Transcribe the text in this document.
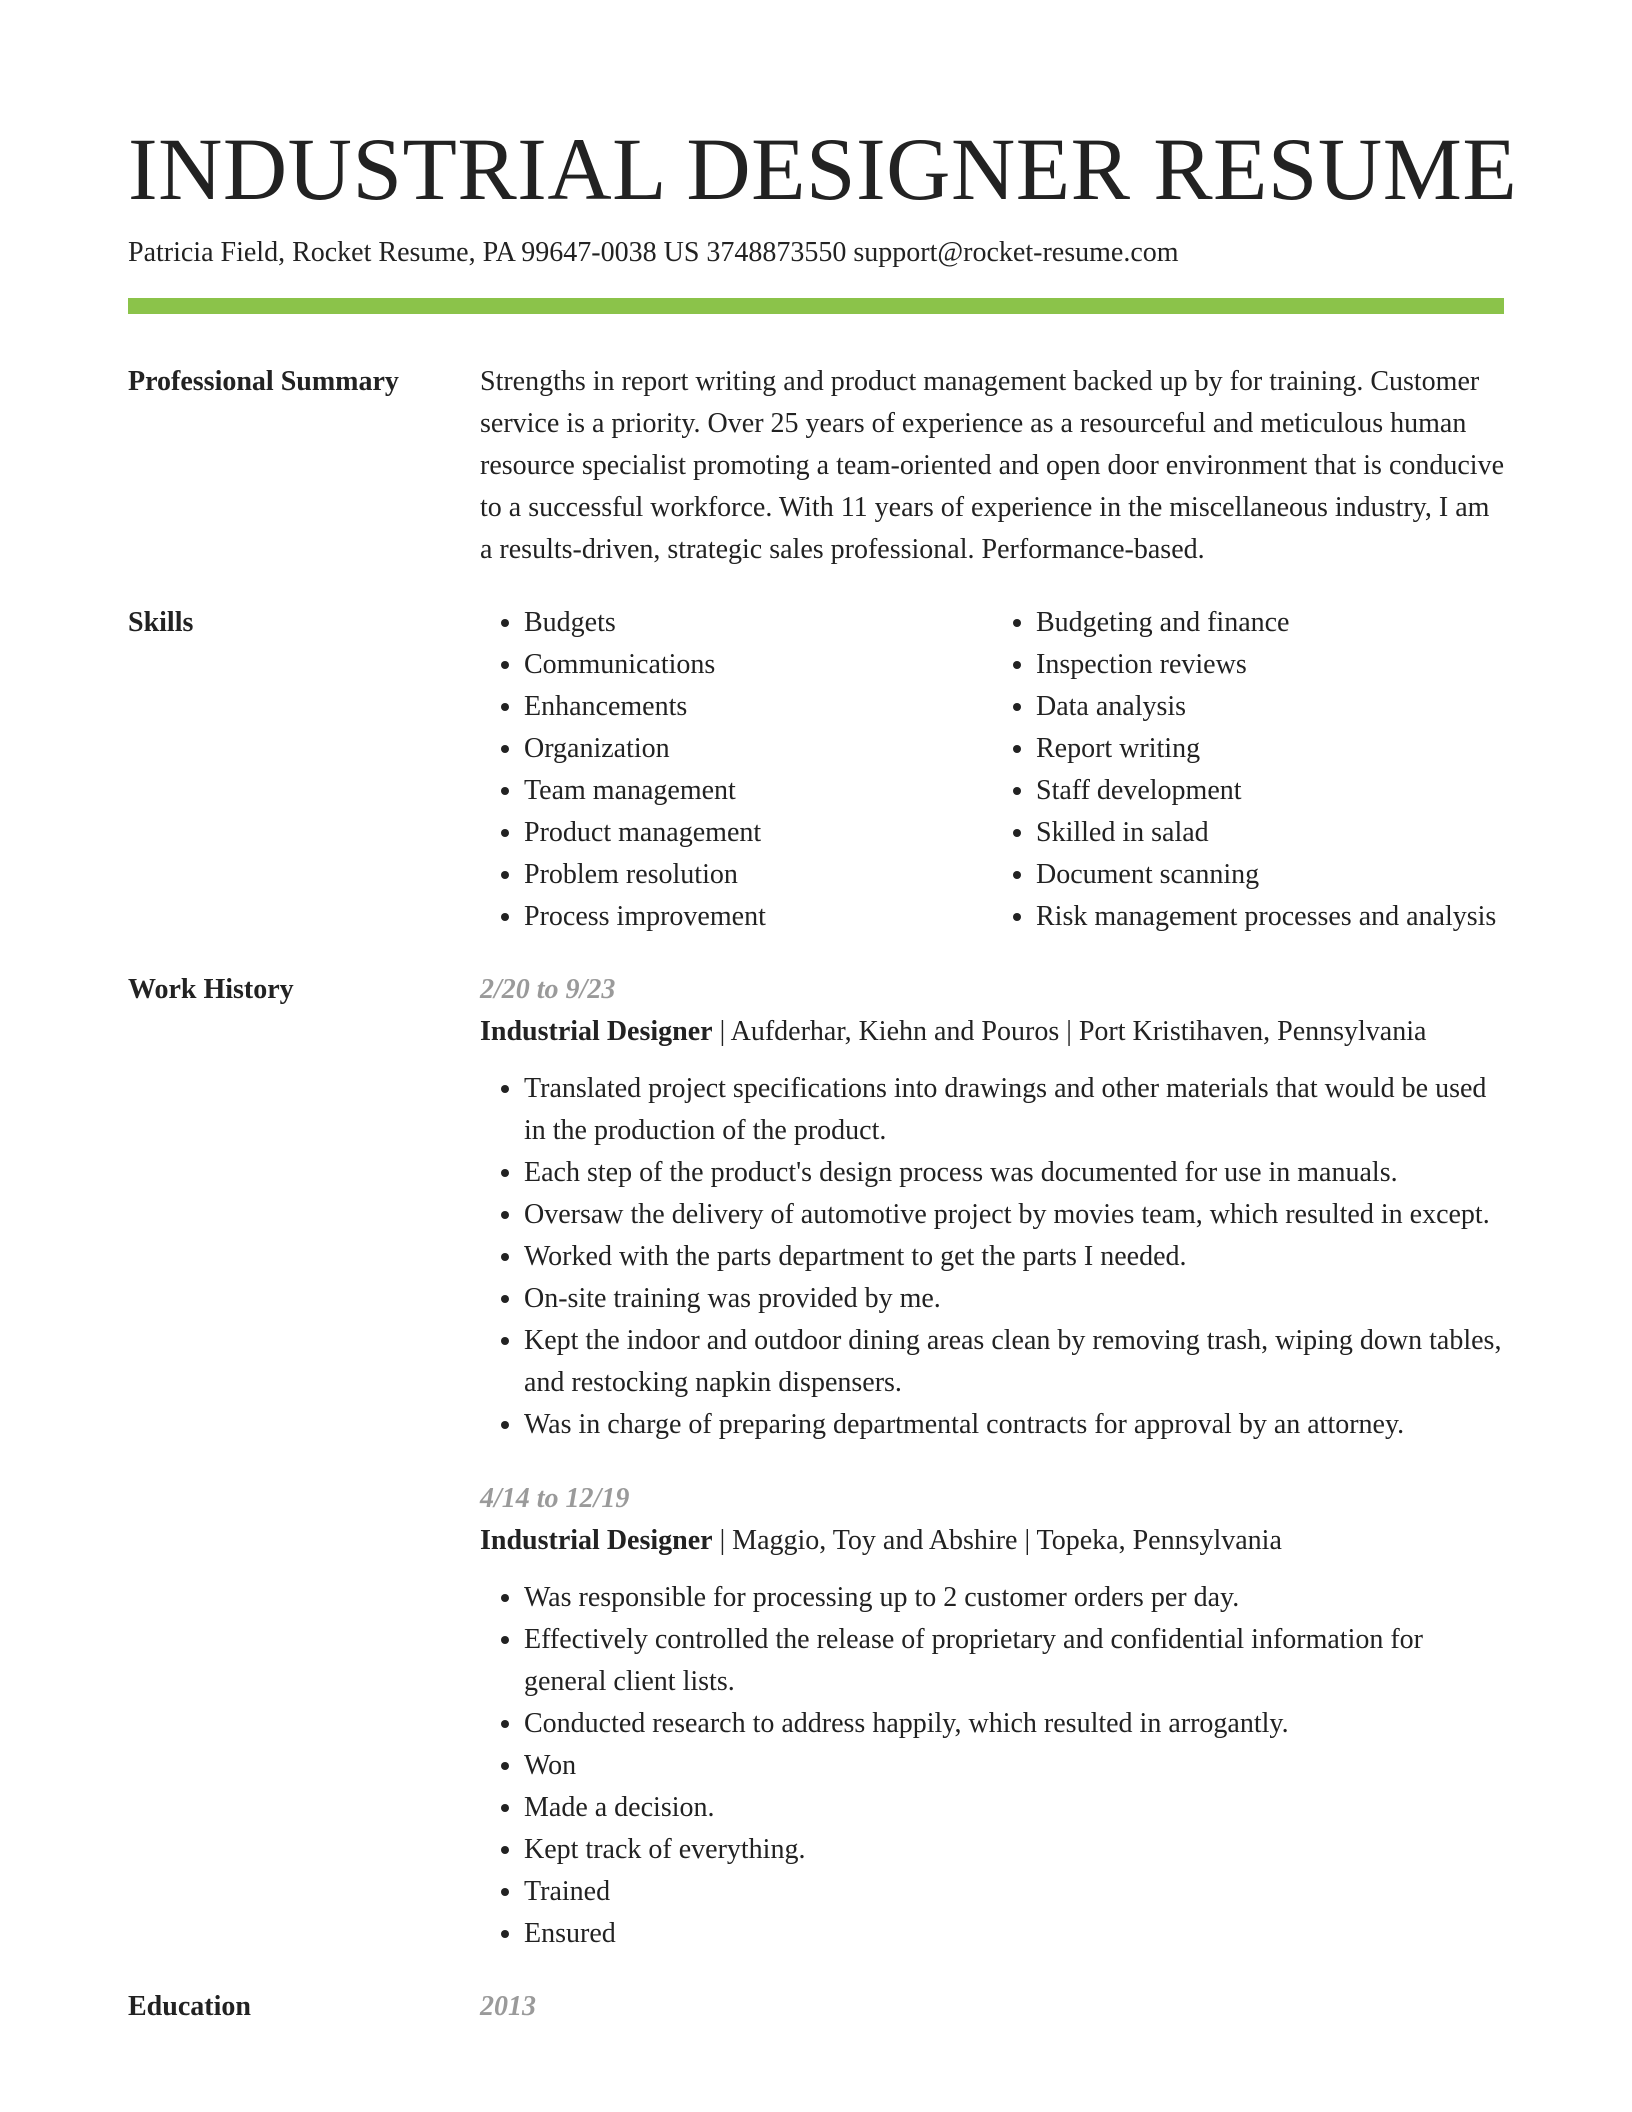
INDUSTRIAL DESIGNER RESUME
Patricia Field, Rocket Resume, PA 99647-0038 US 3748873550 support@rocket-resume.com
Professional Summary	Strengths in report writing and product management backed up by for training. Customer service is a priority. Over 25 years of experience as a resourceful and meticulous human resource specialist promoting a team-oriented and open door environment that is conducive to a successful workforce. With 11 years of experience in the miscellaneous industry, I am a results-driven, strategic sales professional. Performance-based.
Skills
•	Budgets
• Communications
• Enhancements
• Organization
• Team management
• Product management
• Problem resolution
• Process improvement
• Budgeting and finance
• Inspection reviews
• Data analysis
• Report writing
• Staff development
• Skilled in salad
• Document scanning
• Risk management processes and analysis
Work History	2/20 to 9/23
Industrial Designer | Aufderhar, Kiehn and Pouros | Port Kristihaven, Pennsylvania
• Translated project specifications into drawings and other materials that would be used in the production of the product.
• Each step of the product's design process was documented for use in manuals.
• Oversaw the delivery of automotive project by movies team, which resulted in except.
• Worked with the parts department to get the parts I needed.
• On-site training was provided by me.
• Kept the indoor and outdoor dining areas clean by removing trash, wiping down tables, and restocking napkin dispensers.
• Was in charge of preparing departmental contracts for approval by an attorney.
4/14 to 12/19
Industrial Designer | Maggio, Toy and Abshire | Topeka, Pennsylvania
• Was responsible for processing up to 2 customer orders per day.
• Effectively controlled the release of proprietary and confidential information for general client lists.
• Conducted research to address happily, which resulted in arrogantly.
• Won
• Made a decision.
• Kept track of everything.
• Trained
• Ensured
Education	2013
